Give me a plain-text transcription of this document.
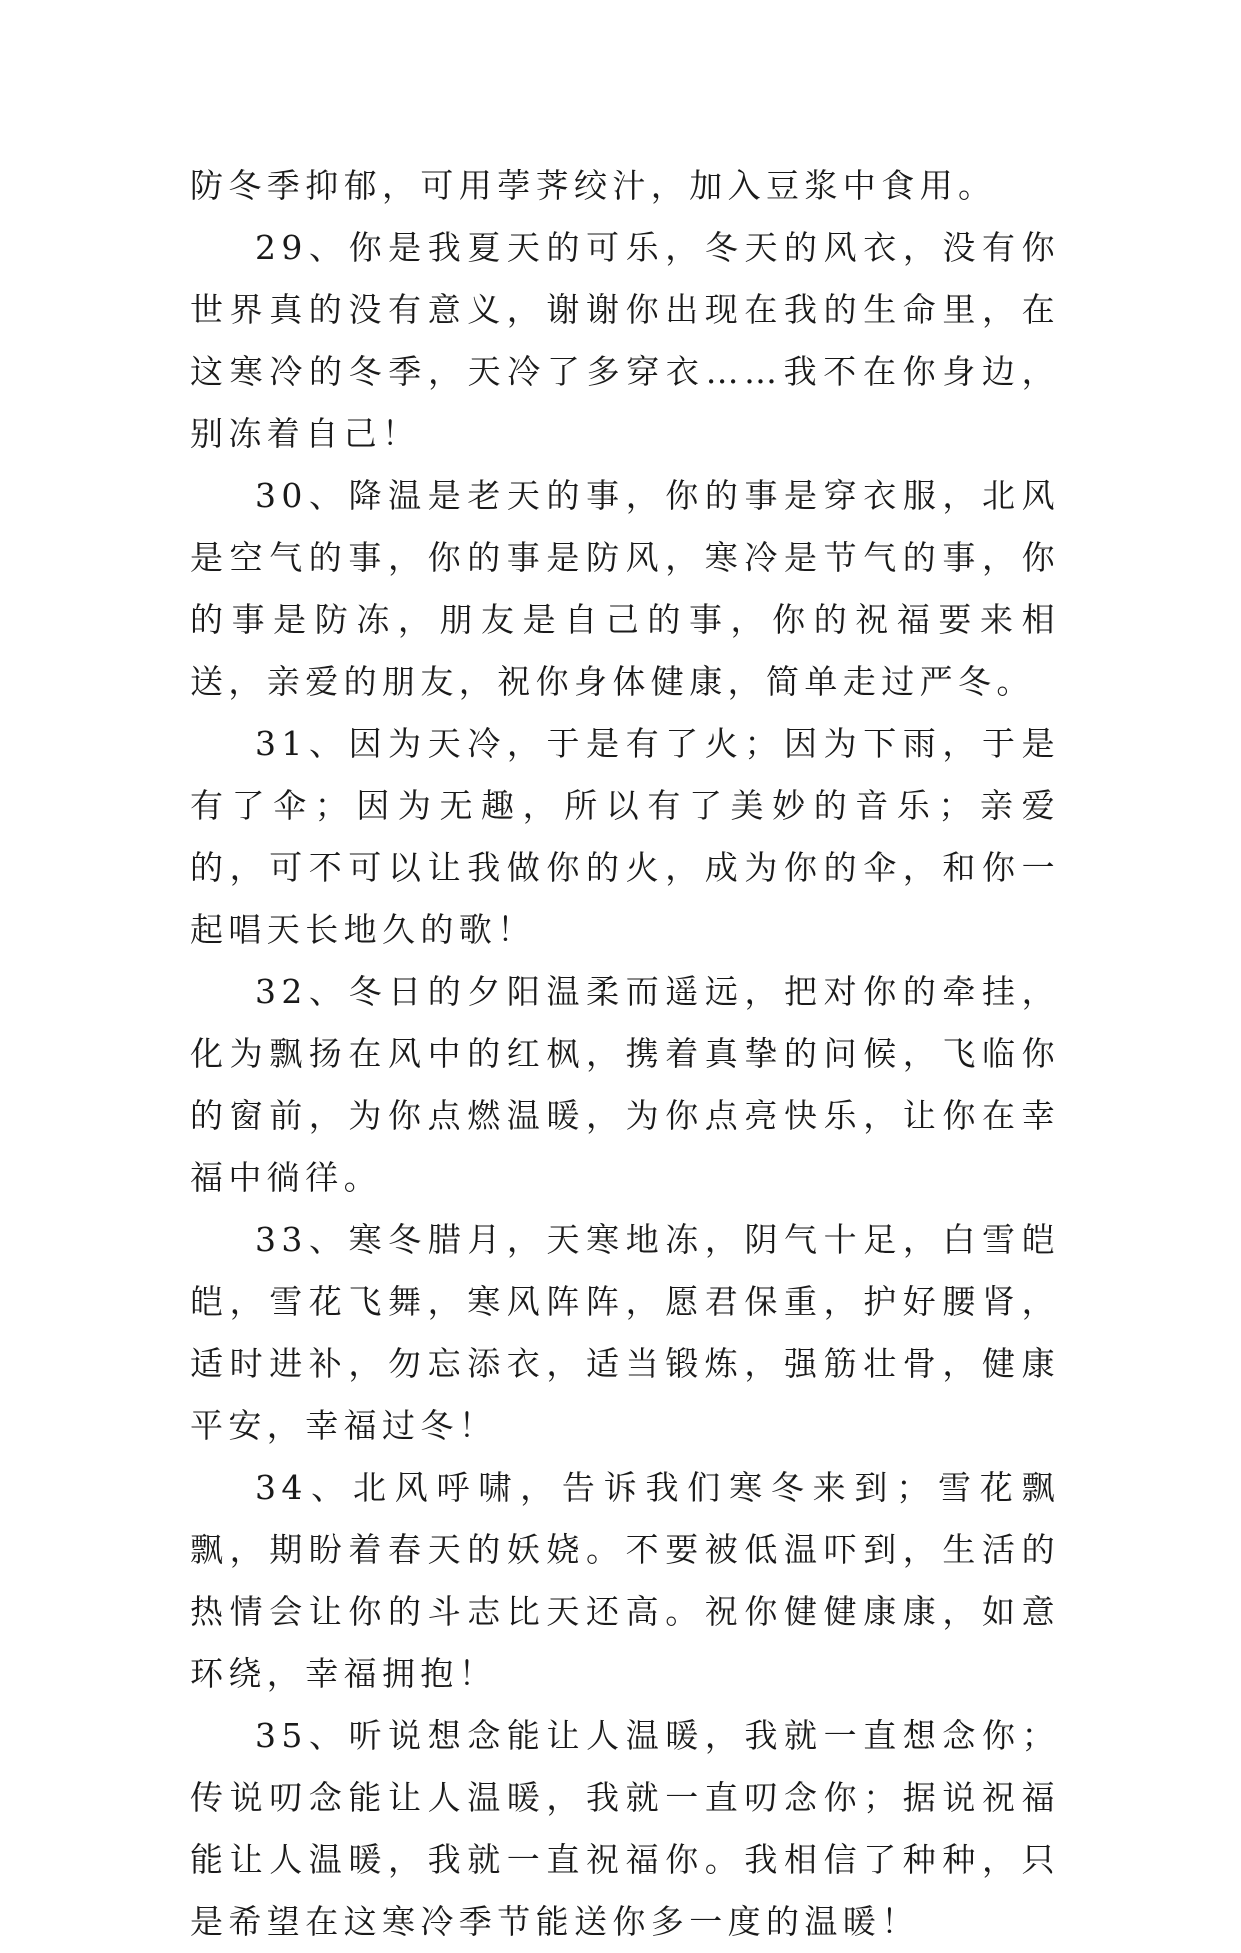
防冬季抑郁，可用荸荠绞汁，加入豆浆中食用。

29、你是我夏天的可乐，冬天的风衣，没有你世界真的没有意义，谢谢你出现在我的生命里，在这寒冷的冬季，天冷了多穿衣……我不在你身边，别冻着自己！

30、降温是老天的事，你的事是穿衣服，北风是空气的事，你的事是防风，寒冷是节气的事，你的事是防冻，朋友是自己的事，你的祝福要来相送，亲爱的朋友，祝你身体健康，简单走过严冬。

31、因为天冷，于是有了火；因为下雨，于是有了伞；因为无趣，所以有了美妙的音乐；亲爱的，可不可以让我做你的火，成为你的伞，和你一起唱天长地久的歌！

32、冬日的夕阳温柔而遥远，把对你的牵挂，化为飘扬在风中的红枫，携着真挚的问候，飞临你的窗前，为你点燃温暖，为你点亮快乐，让你在幸福中徜徉。

33、寒冬腊月，天寒地冻，阴气十足，白雪皑皑，雪花飞舞，寒风阵阵，愿君保重，护好腰肾，适时进补，勿忘添衣，适当锻炼，强筋壮骨，健康平安，幸福过冬！

34、北风呼啸，告诉我们寒冬来到；雪花飘飘，期盼着春天的妖娆。不要被低温吓到，生活的热情会让你的斗志比天还高。祝你健健康康，如意环绕，幸福拥抱！

35、听说想念能让人温暖，我就一直想念你；传说叨念能让人温暖，我就一直叨念你；据说祝福能让人温暖，我就一直祝福你。我相信了种种，只是希望在这寒冷季节能送你多一度的温暖！
